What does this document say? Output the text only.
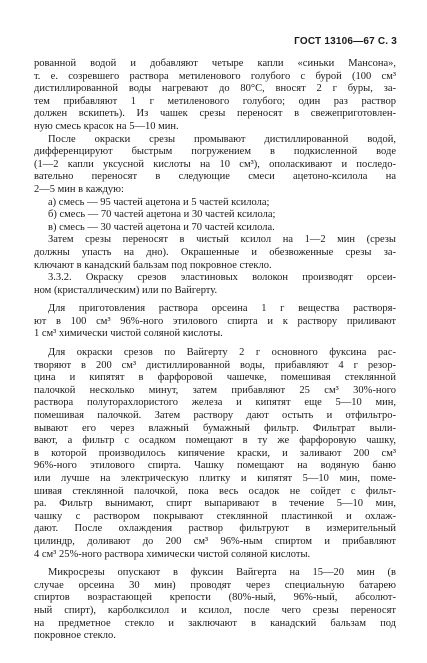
ГОСТ 13106—67 С. 3
рованной водой и добавляют четыре капли «синьки Мансона»,
т. е. созревшего раствора метиленового голубого с бурой (100 см³
дистиллированной воды нагревают до 80°С, вносят 2 г буры, за-
тем прибавляют 1 г метиленового голубого; один раз раствор
должен вскипеть). Из чашек срезы переносят в свежеприготовлен-
ную смесь красок на 5—10 мин.
После окраски срезы промывают дистиллированной водой,
дифференцируют быстрым погружением в подкисленной воде
(1—2 капли уксусной кислоты на 10 см³), ополаскивают и последо-
вательно переносят в следующие смеси ацетоно-ксилола на
2—5 мин в каждую:
а) смесь — 95 частей ацетона и 5 частей ксилола;
б) смесь — 70 частей ацетона и 30 частей ксилола;
в) смесь — 30 частей ацетона и 70 частей ксилола.
Затем срезы переносят в чистый ксилол на 1—2 мин (срезы
должны упасть на дно). Окрашенные и обезвоженные срезы за-
ключают в канадский бальзам под покровное стекло.
3.3.2. Окраску срезов эластиновых волокон производят орсеи-
ном (кристаллическим) или по Вайгерту.
Для приготовления раствора орсеина 1 г вещества растворя-
ют в 100 см³ 96%-ного этилового спирта и к раствору приливают
1 см³ химически чистой соляной кислоты.
Для окраски срезов по Вайгерту 2 г основного фуксина рас-
творяют в 200 см³ дистиллированной воды, прибавляют 4 г резор-
цина и кипятят в фарфоровой чашечке, помешивая стеклянной
палочкой несколько минут, затем прибавляют 25 см³ 30%-ного
раствора полуторахлористого железа и кипятят еще 5—10 мин,
помешивая палочкой. Затем раствору дают остыть и отфильтро-
вывают его через влажный бумажный фильтр. Фильтрат выли-
вают, а фильтр с осадком помещают в ту же фарфоровую чашку,
в которой производилось кипячение краски, и заливают 200 см³
96%-ного этилового спирта. Чашку помещают на водяную баню
или лучше на электрическую плитку и кипятят 5—10 мин, поме-
шивая стеклянной палочкой, пока весь осадок не сойдет с фильт-
ра. Фильтр вынимают, спирт выпаривают в течение 5—10 мин,
чашку с раствором покрывают стеклянной пластинкой и охлаж-
дают. После охлаждения раствор фильтруют в измерительный
цилиндр, доливают до 200 см³ 96%-ным спиртом и прибавляют
4 см³ 25%-ного раствора химически чистой соляной кислоты.
Микросрезы опускают в фуксин Вайгерта на 15—20 мин (в
случае орсеина 30 мин) проводят через специальную батарею
спиртов возрастающей крепости (80%-ный, 96%-ный, абсолют-
ный спирт), карболксилол и ксилол, после чего срезы переносят
на предметное стекло и заключают в канадский бальзам под
покровное стекло.
